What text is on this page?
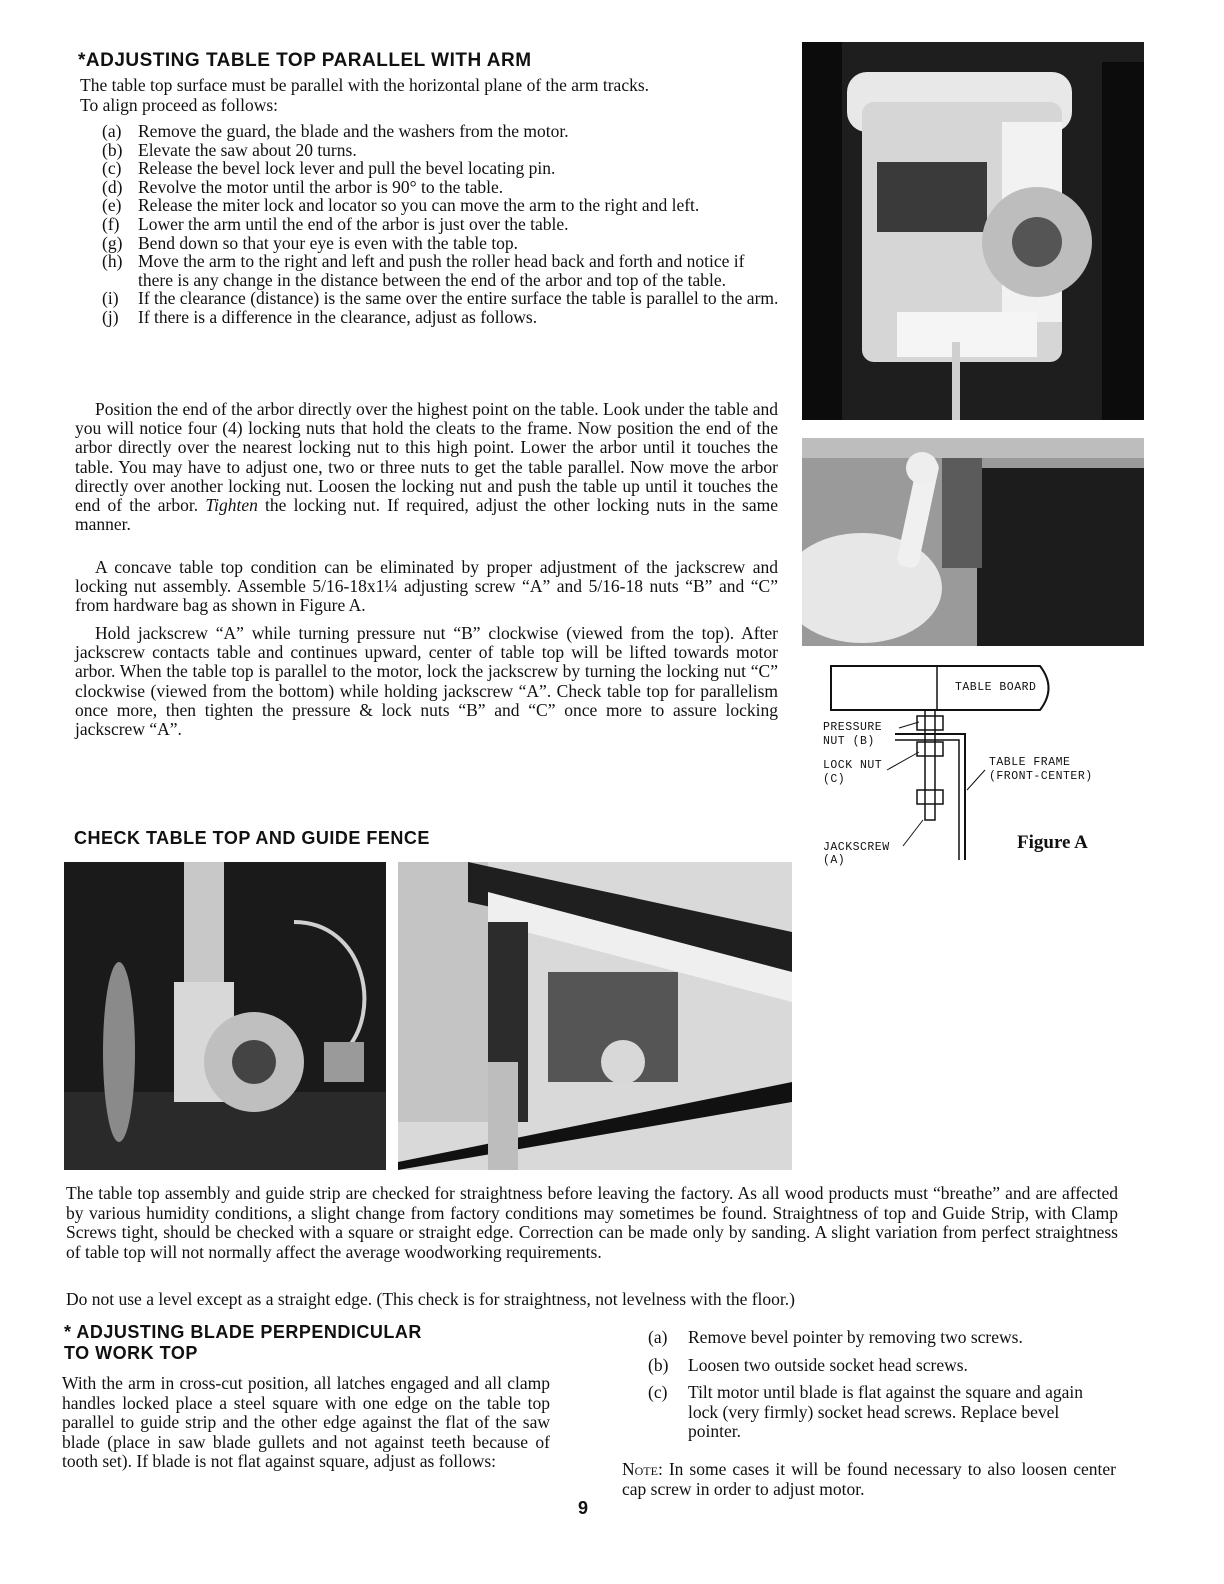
*ADJUSTING TABLE TOP PARALLEL WITH ARM
The table top surface must be parallel with the horizontal plane of the arm tracks.
To align proceed as follows:
(a) Remove the guard, the blade and the washers from the motor.
(b) Elevate the saw about 20 turns.
(c) Release the bevel lock lever and pull the bevel locating pin.
(d) Revolve the motor until the arbor is 90° to the table.
(e) Release the miter lock and locator so you can move the arm to the right and left.
(f) Lower the arm until the end of the arbor is just over the table.
(g) Bend down so that your eye is even with the table top.
(h) Move the arm to the right and left and push the roller head back and forth and notice if there is any change in the distance between the end of the arbor and top of the table.
(i) If the clearance (distance) is the same over the entire surface the table is parallel to the arm.
(j) If there is a difference in the clearance, adjust as follows.

Position the end of the arbor directly over the highest point on the table. Look under the table and you will notice four (4) locking nuts that hold the cleats to the frame. Now position the end of the arbor directly over the nearest locking nut to this high point. Lower the arbor until it touches the table. You may have to adjust one, two or three nuts to get the table parallel. Now move the arbor directly over another locking nut. Loosen the locking nut and push the table up until it touches the end of the arbor. Tighten the locking nut. If required, adjust the other locking nuts in the same manner.

A concave table top condition can be eliminated by proper adjustment of the jackscrew and locking nut assembly. Assemble 5/16-18x1¼ adjusting screw “A” and 5/16-18 nuts “B” and “C” from hardware bag as shown in Figure A.

Hold jackscrew “A” while turning pressure nut “B” clockwise (viewed from the top). After jackscrew contacts table and continues upward, center of table top will be lifted towards motor arbor. When the table top is parallel to the motor, lock the jackscrew by turning the locking nut “C” clockwise (viewed from the bottom) while holding jackscrew “A”. Check table top for parallelism once more, then tighten the pressure & lock nuts “B” and “C” once more to assure locking jackscrew “A”.

TABLE BOARD
PRESSURE
NUT (B)
LOCK NUT
(C)
TABLE FRAME
(FRONT-CENTER)
JACKSCREW
(A)
Figure A
CHECK TABLE TOP AND GUIDE FENCE

The table top assembly and guide strip are checked for straightness before leaving the factory. As all wood products must “breathe” and are affected by various humidity conditions, a slight change from factory conditions may sometimes be found. Straightness of top and Guide Strip, with Clamp Screws tight, should be checked with a square or straight edge. Correction can be made only by sanding. A slight variation from perfect straightness of table top will not normally affect the average woodworking requirements.

Do not use a level except as a straight edge. (This check is for straightness, not levelness with the floor.)

* ADJUSTING BLADE PERPENDICULAR
TO WORK TOP

With the arm in cross-cut position, all latches engaged and all clamp handles locked place a steel square with one edge on the table top parallel to guide strip and the other edge against the flat of the saw blade (place in saw blade gullets and not against teeth because of tooth set). If blade is not flat against square, adjust as follows:

(a) Remove bevel pointer by removing two screws.
(b) Loosen two outside socket head screws.
(c) Tilt motor until blade is flat against the square and again lock (very firmly) socket head screws. Replace bevel pointer.

Note: In some cases it will be found necessary to also loosen center cap screw in order to adjust motor.

9
